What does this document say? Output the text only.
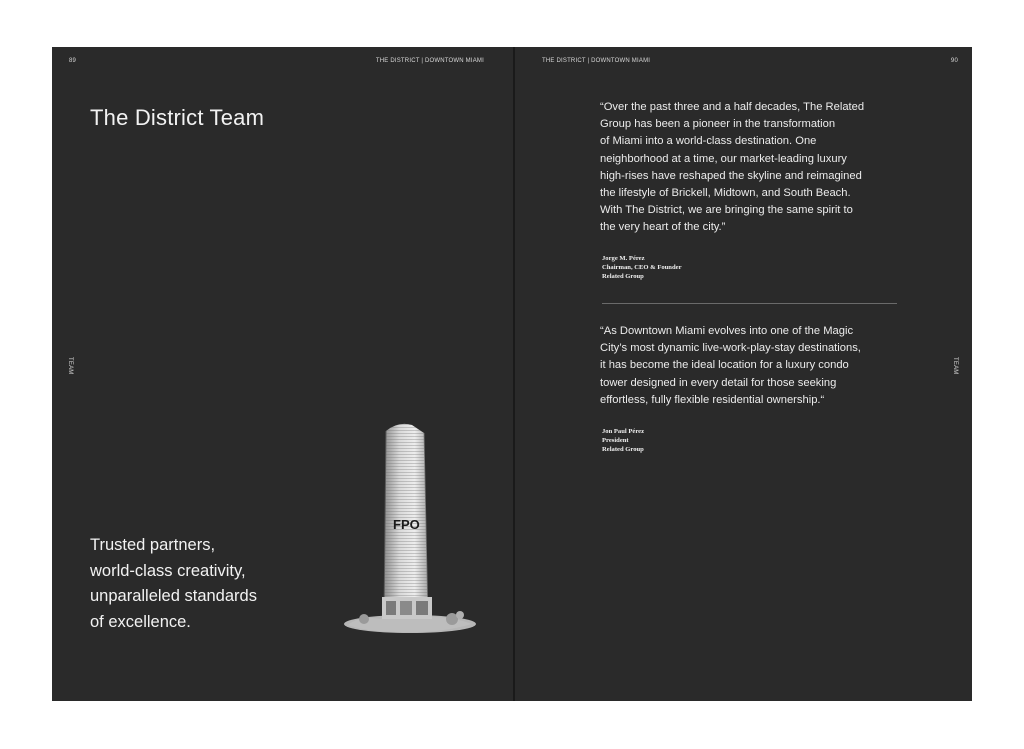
89	THE DISTRICT | DOWNTOWN MIAMI
TEAM
The District Team

Trusted partners,
world-class creativity,
unparalleled standards
of excellence.

FPO
THE DISTRICT | DOWNTOWN MIAMI	90
TEAM

“Over the past three and a half decades, The Related
Group has been a pioneer in the transformation
of Miami into a world-class destination. One
neighborhood at a time, our market-leading luxury
high-rises have reshaped the skyline and reimagined
the lifestyle of Brickell, Midtown, and South Beach.
With The District, we are bringing the same spirit to
the very heart of the city.”

Jorge M. Pérez
Chairman, CEO & Founder
Related Group

“As Downtown Miami evolves into one of the Magic
City’s most dynamic live-work-play-stay destinations,
it has become the ideal location for a luxury condo
tower designed in every detail for those seeking
effortless, fully flexible residential ownership.“

Jon Paul Pérez
President
Related Group
